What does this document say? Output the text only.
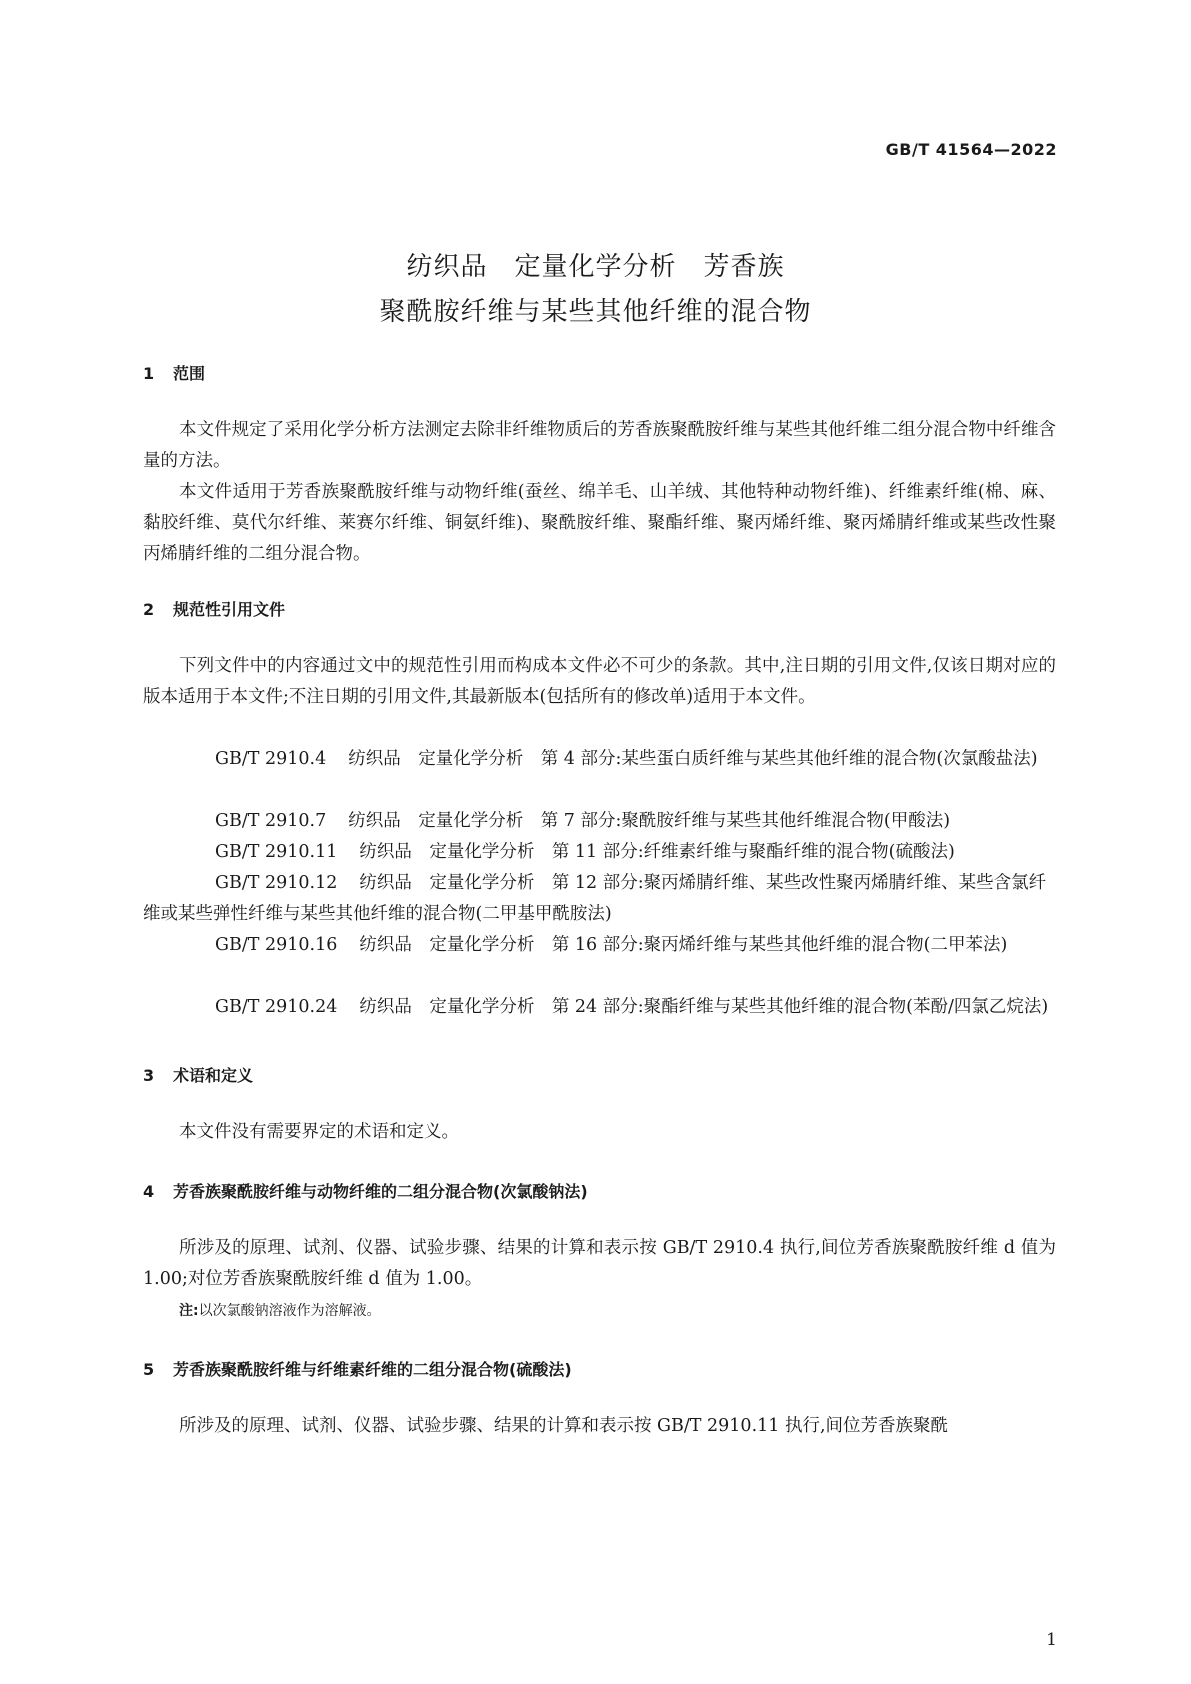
GB/T 41564—2022
纺织品　定量化学分析　芳香族
聚酰胺纤维与某些其他纤维的混合物
1 范围
本文件规定了采用化学分析方法测定去除非纤维物质后的芳香族聚酰胺纤维与某些其他纤维二组分混合物中纤维含量的方法。
本文件适用于芳香族聚酰胺纤维与动物纤维(蚕丝、绵羊毛、山羊绒、其他特种动物纤维)、纤维素纤维(棉、麻、黏胶纤维、莫代尔纤维、莱赛尔纤维、铜氨纤维)、聚酰胺纤维、聚酯纤维、聚丙烯纤维、聚丙烯腈纤维或某些改性聚丙烯腈纤维的二组分混合物。
2 规范性引用文件
下列文件中的内容通过文中的规范性引用而构成本文件必不可少的条款。其中,注日期的引用文件,仅该日期对应的版本适用于本文件;不注日期的引用文件,其最新版本(包括所有的修改单)适用于本文件。
GB/T 2910.4 纺织品　定量化学分析　第 4 部分:某些蛋白质纤维与某些其他纤维的混合物(次氯酸盐法)
GB/T 2910.7 纺织品　定量化学分析　第 7 部分:聚酰胺纤维与某些其他纤维混合物(甲酸法)
GB/T 2910.11 纺织品　定量化学分析　第 11 部分:纤维素纤维与聚酯纤维的混合物(硫酸法)
GB/T 2910.12 纺织品　定量化学分析　第 12 部分:聚丙烯腈纤维、某些改性聚丙烯腈纤维、某些含氯纤维或某些弹性纤维与某些其他纤维的混合物(二甲基甲酰胺法)
GB/T 2910.16 纺织品　定量化学分析　第 16 部分:聚丙烯纤维与某些其他纤维的混合物(二甲苯法)
GB/T 2910.24 纺织品　定量化学分析　第 24 部分:聚酯纤维与某些其他纤维的混合物(苯酚/四氯乙烷法)
3 术语和定义
本文件没有需要界定的术语和定义。
4 芳香族聚酰胺纤维与动物纤维的二组分混合物(次氯酸钠法)
所涉及的原理、试剂、仪器、试验步骤、结果的计算和表示按 GB/T 2910.4 执行,间位芳香族聚酰胺纤维 d 值为 1.00;对位芳香族聚酰胺纤维 d 值为 1.00。
注:以次氯酸钠溶液作为溶解液。
5 芳香族聚酰胺纤维与纤维素纤维的二组分混合物(硫酸法)
所涉及的原理、试剂、仪器、试验步骤、结果的计算和表示按 GB/T 2910.11 执行,间位芳香族聚酰
1
